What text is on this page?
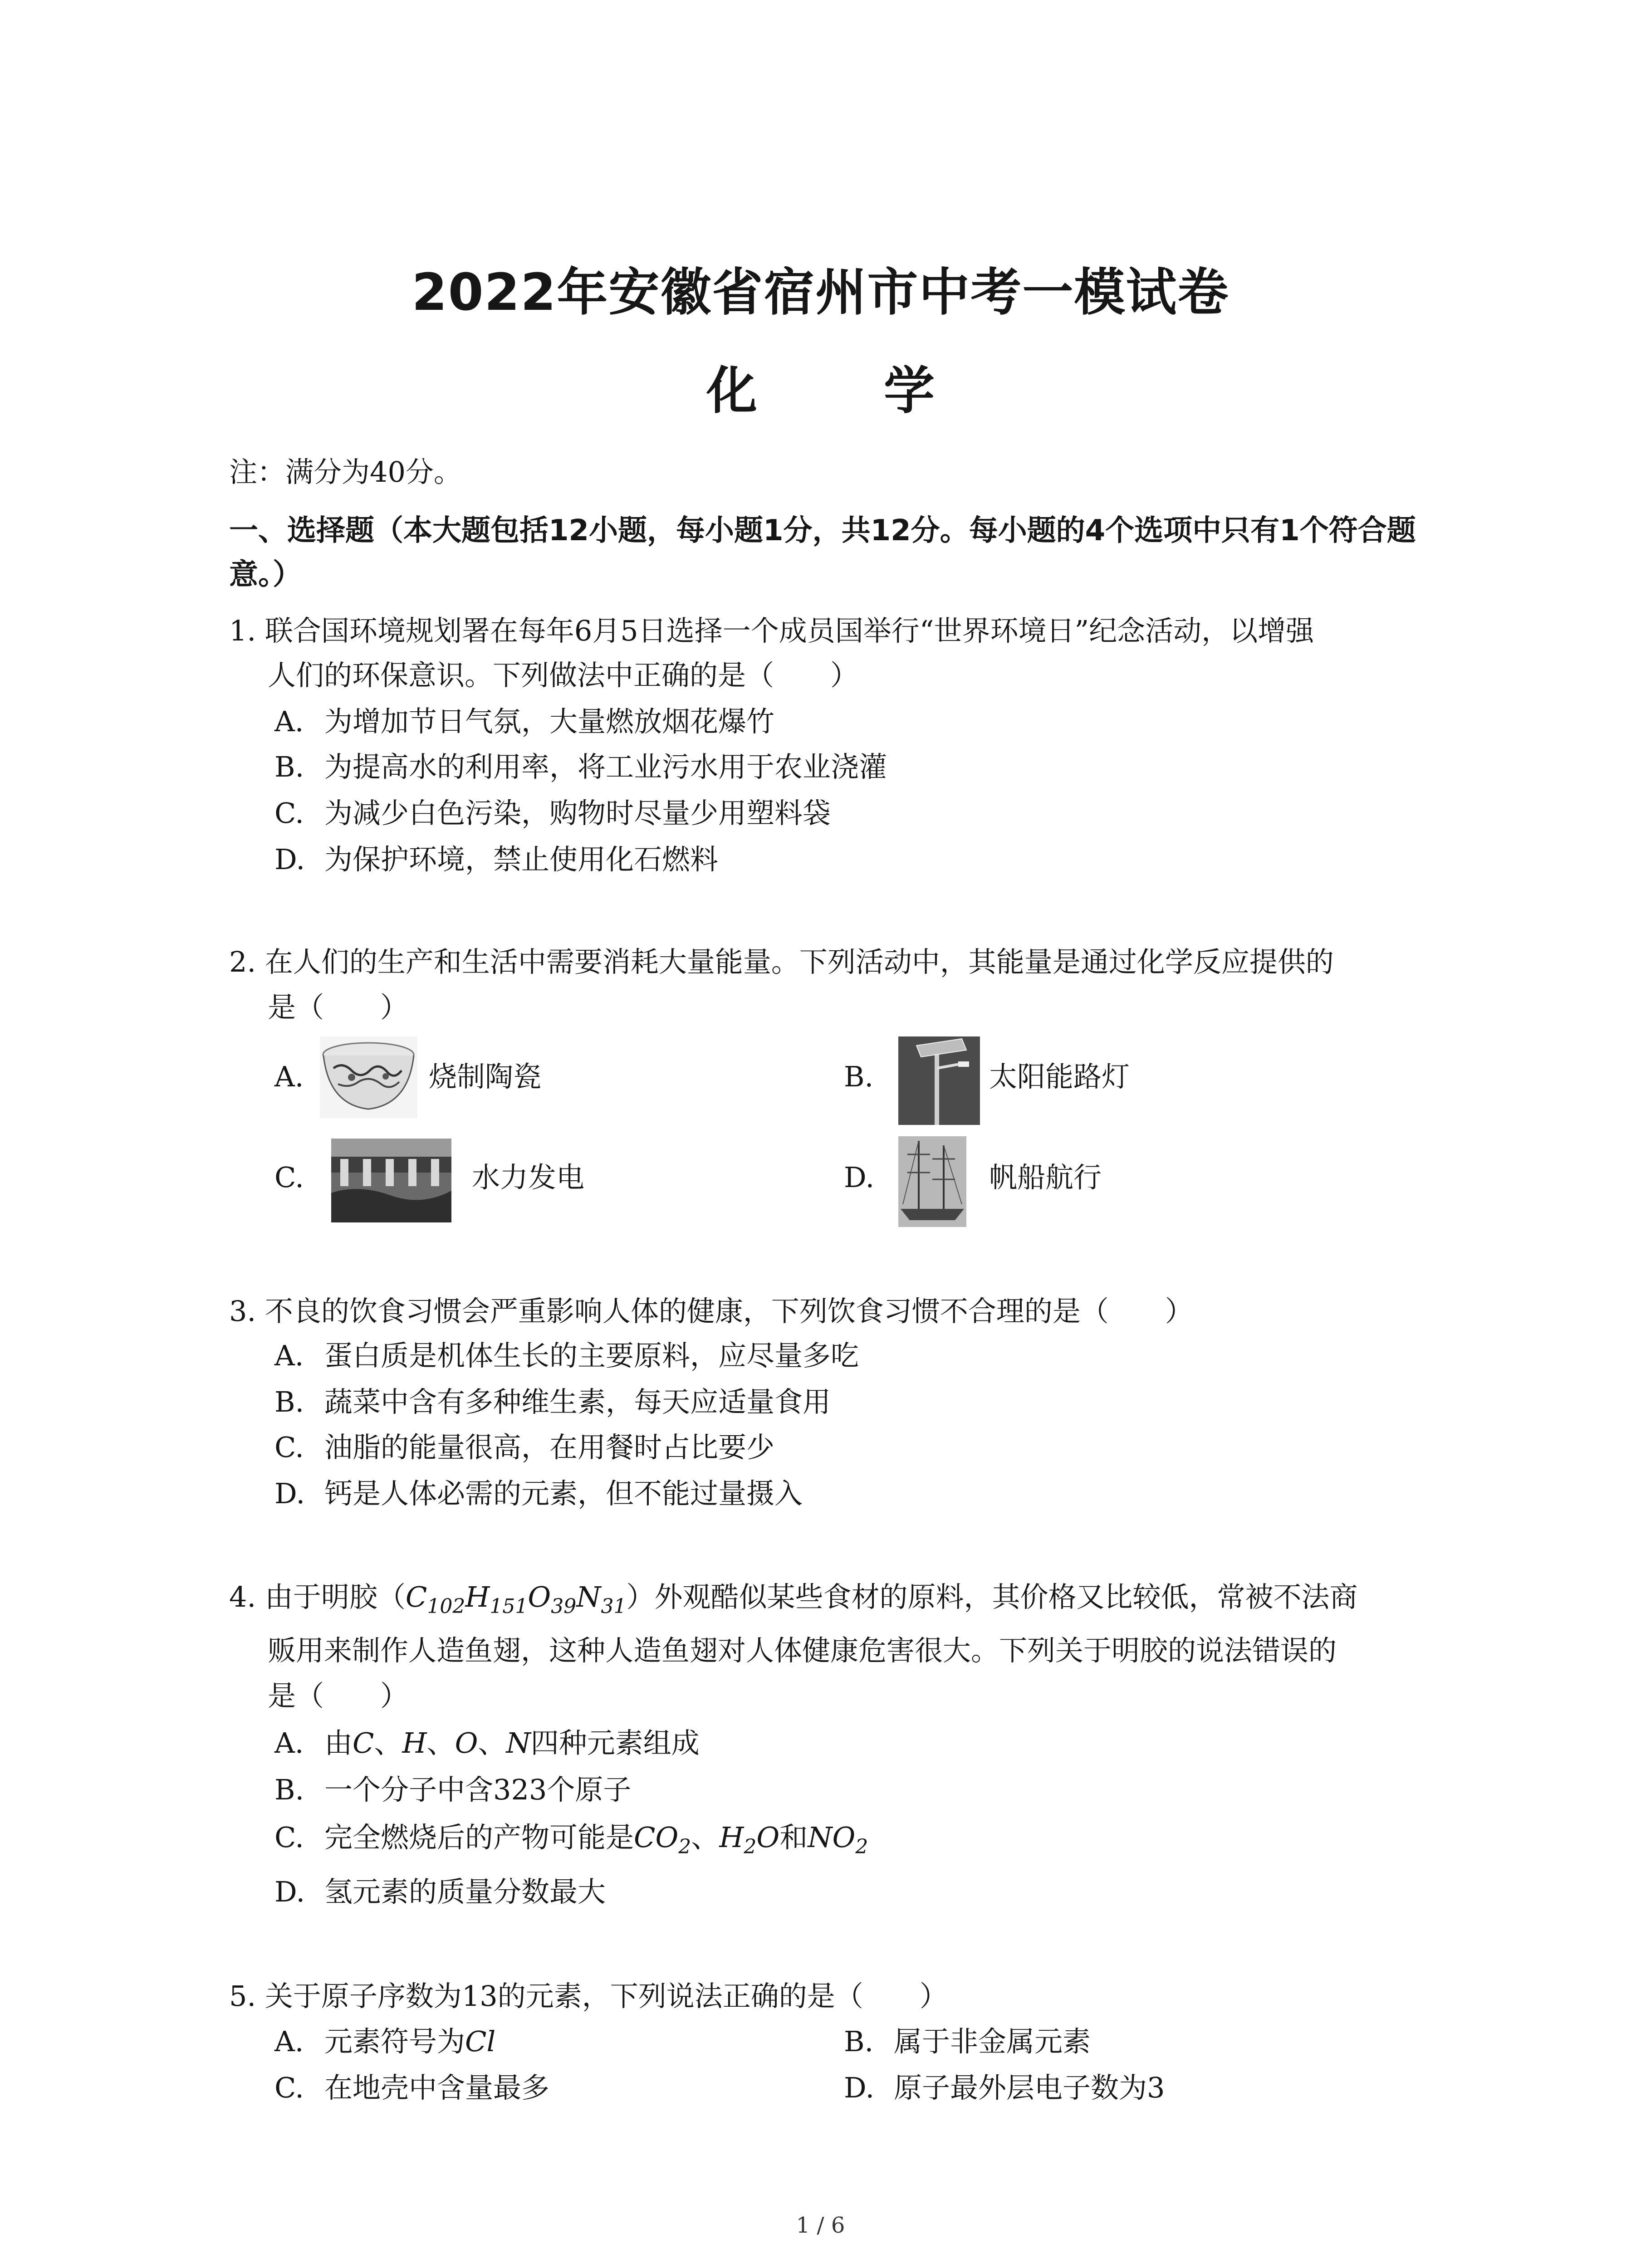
2022年安徽省宿州市中考一模试卷
化 学
注：满分为40分。
一、选择题（本大题包括12小题，每小题1分，共12分。每小题的4个选项中只有1个符合题
意。）
1. 联合国环境规划署在每年6月5日选择一个成员国举行“世界环境日”纪念活动，以增强
人们的环保意识。下列做法中正确的是（　　）
A. 为增加节日气氛，大量燃放烟花爆竹
B. 为提高水的利用率，将工业污水用于农业浇灌
C. 为减少白色污染，购物时尽量少用塑料袋
D. 为保护环境，禁止使用化石燃料
2. 在人们的生产和生活中需要消耗大量能量。下列活动中，其能量是通过化学反应提供的
是（　　）
A.	烧制陶瓷	B.	太阳能路灯
C.	水力发电	D.	帆船航行
3. 不良的饮食习惯会严重影响人体的健康，下列饮食习惯不合理的是（　　）
A. 蛋白质是机体生长的主要原料，应尽量多吃
B. 蔬菜中含有多种维生素，每天应适量食用
C. 油脂的能量很高，在用餐时占比要少
D. 钙是人体必需的元素，但不能过量摄入
4. 由于明胶$(C_{102}H_{151}O_{39}N_{31})$外观酷似某些食材的原料，其价格又比较低，常被不法商
贩用来制作人造鱼翅，这种人造鱼翅对人体健康危害很大。下列关于明胶的说法错误的
是（　　）
A. 由C、H、O、N四种元素组成
B. 一个分子中含323个原子
C. 完全燃烧后的产物可能是$CO_2$、$H_2O$和$NO_2$
D. 氢元素的质量分数最大
5. 关于原子序数为13的元素，下列说法正确的是（　　）
A. 元素符号为Cl	B. 属于非金属元素
C. 在地壳中含量最多	D. 原子最外层电子数为3
1 / 6
